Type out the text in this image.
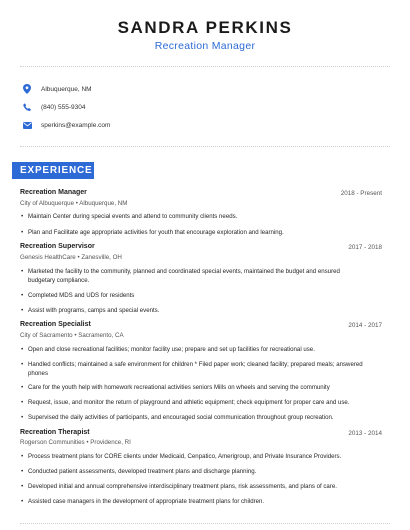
SANDRA PERKINS
Recreation Manager
Albuquerque, NM
(840) 555-9304
sperkins@example.com
EXPERIENCE
Recreation Manager	2018 - Present
City of Albuquerque • Albuquerque, NM
• Maintain Center during special events and attend to community clients needs.
• Plan and Facilitate age appropriate activities for youth that encourage exploration and learning.
Recreation Supervisor	2017 - 2018
Genesis HealthCare • Zanesville, OH
• Marketed the facility to the community, planned and coordinated special events, maintained the budget and ensured budgetary compliance.
• Completed MDS and UDS for residents
• Assist with programs, camps and special events.
Recreation Specialist	2014 - 2017
City of Sacramento • Sacramento, CA
• Open and close recreational facilities; monitor facility use; prepare and set up facilities for recreational use.
• Handled conflicts; maintained a safe environment for children * Filed paper work; cleaned facility; prepared meals; answered phones
• Care for the youth help with homework recreational activities seniors Mills on wheels and serving the community
• Request, issue, and monitor the return of playground and athletic equipment; check equipment for proper care and use.
• Supervised the daily activities of participants, and encouraged social communication throughout group recreation.
Recreation Therapist	2013 - 2014
Rogerson Communities • Providence, RI
• Process treatment plans for CORE clients under Medicaid, Cenpatico, Amerigroup, and Private Insurance Providers.
• Conducted patient assessments, developed treatment plans and discharge planning.
• Developed initial and annual comprehensive interdisciplinary treatment plans, risk assessments, and plans of care.
• Assisted case managers in the development of appropriate treatment plans for children.
